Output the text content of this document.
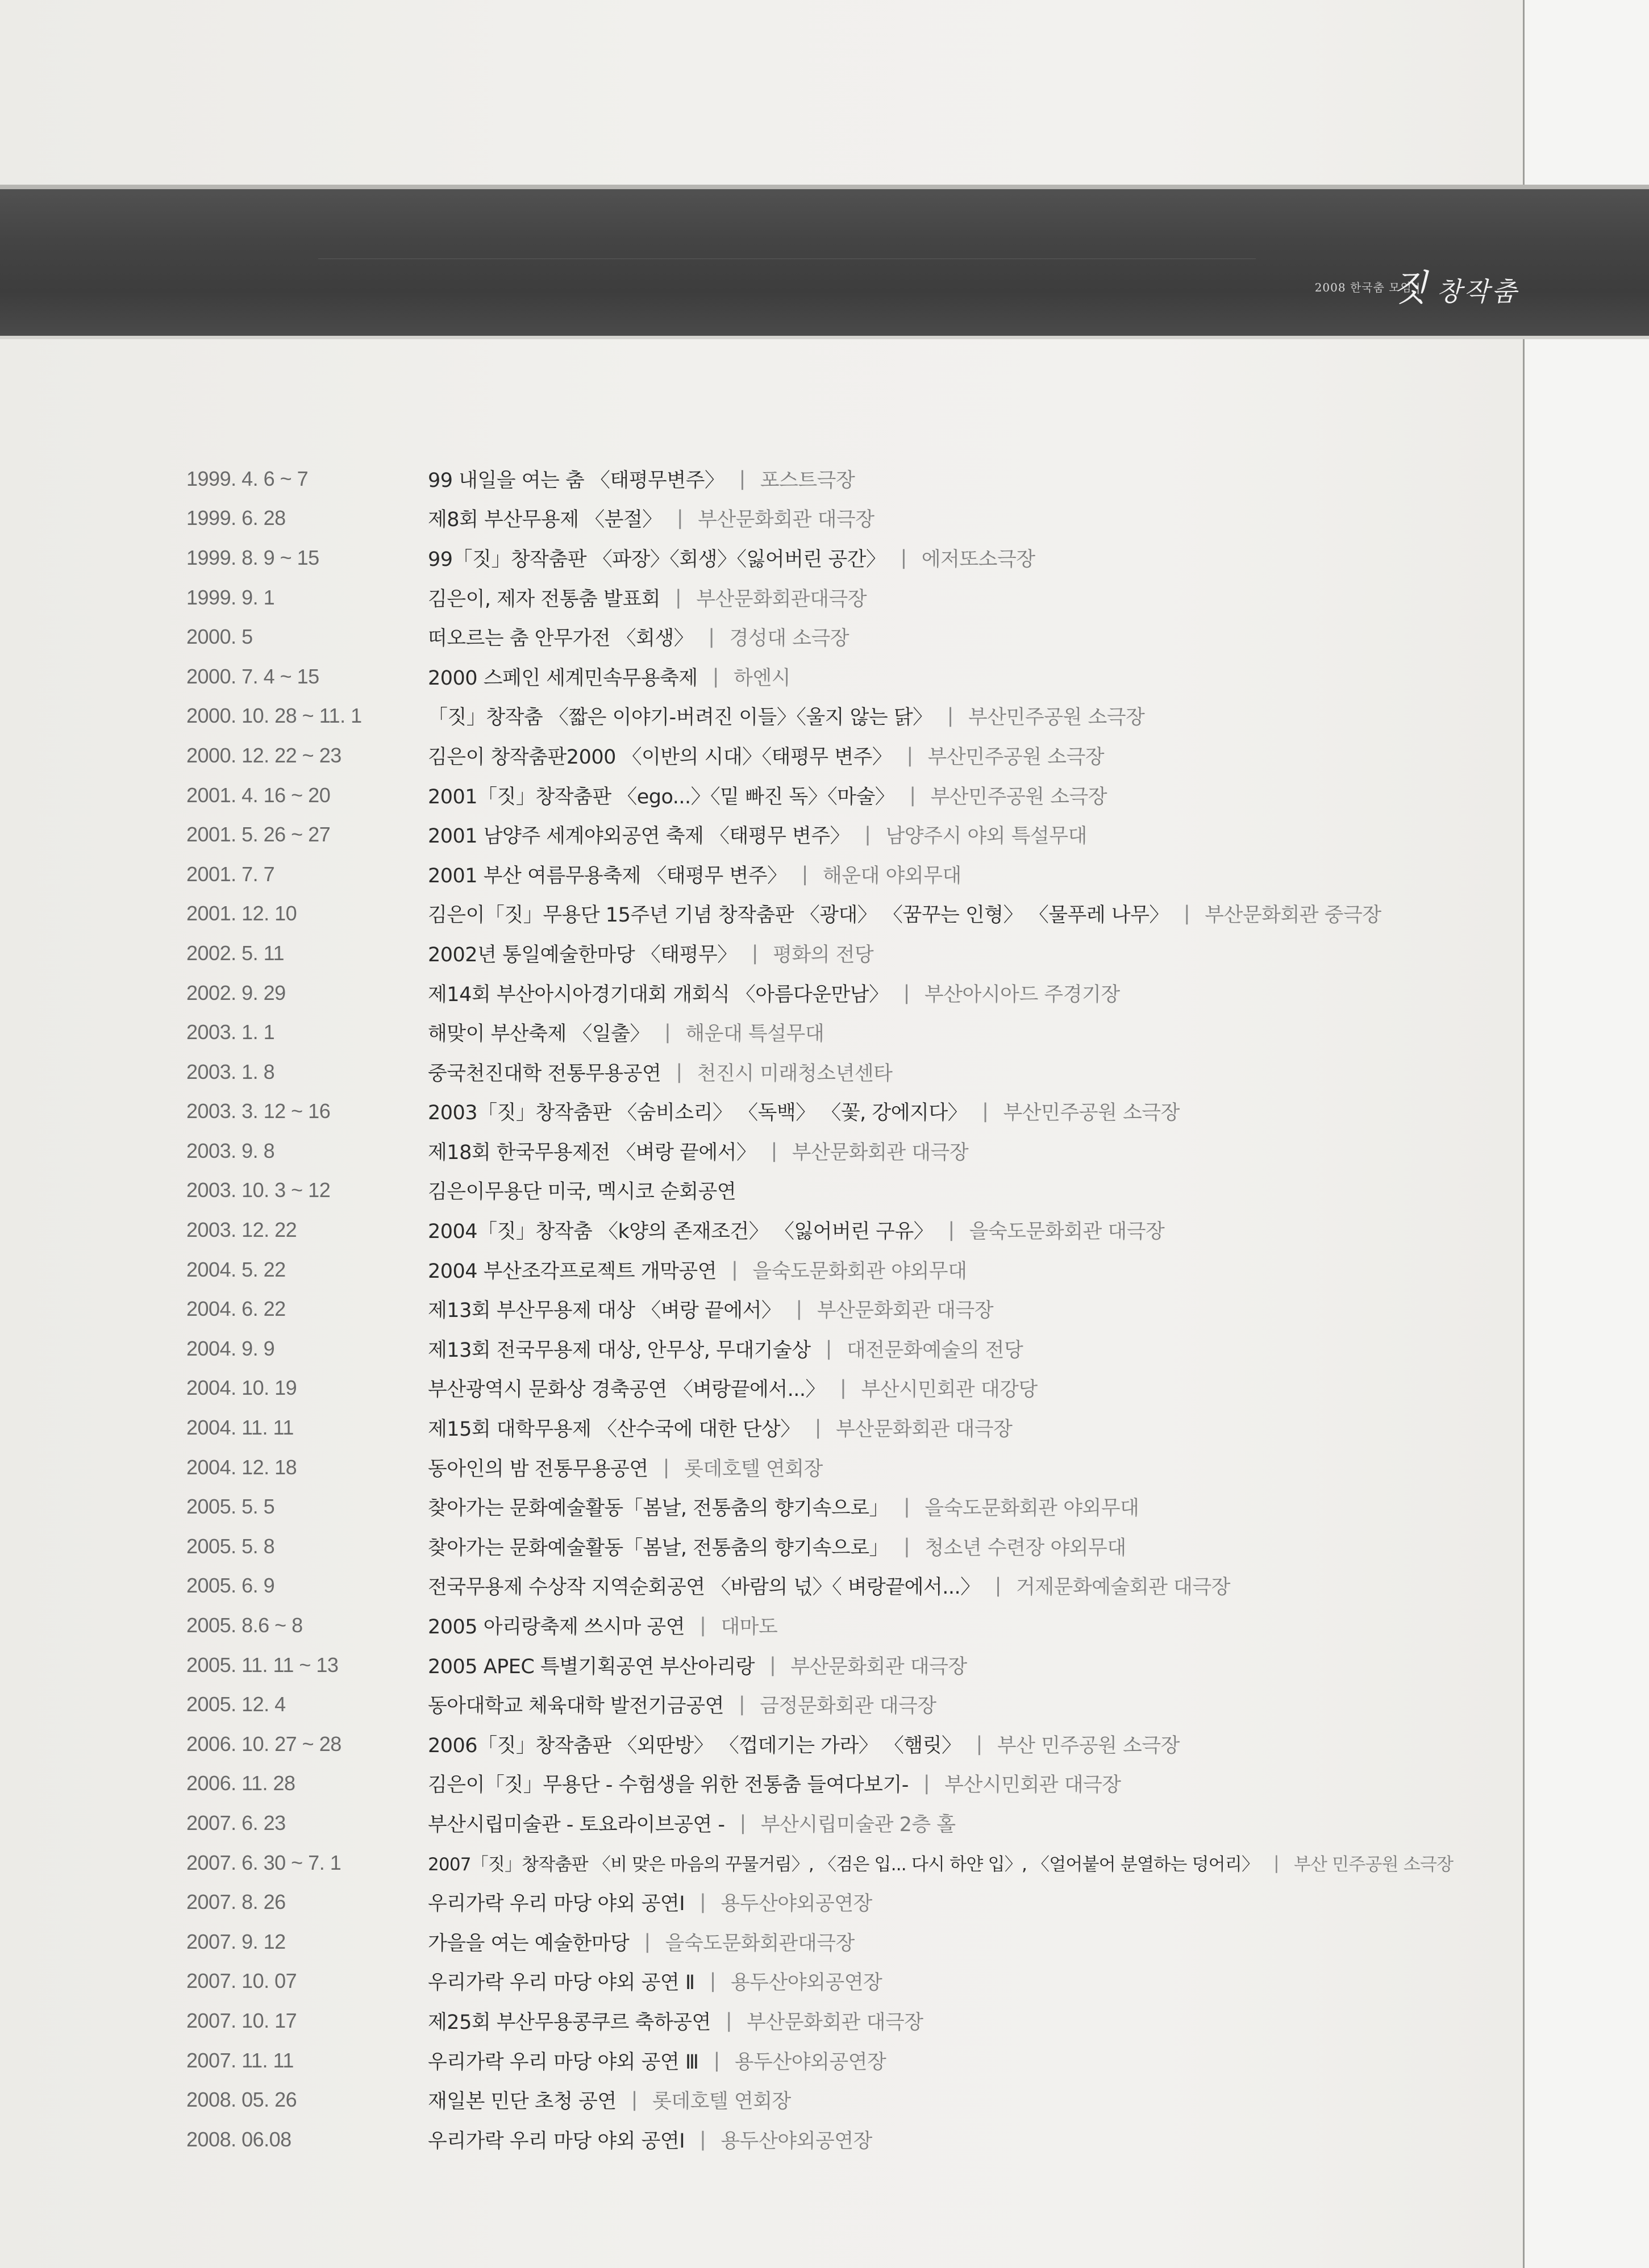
2008 한국춤 모임 |
짓 창작춤
1999. 4. 6 ~ 7	99 내일을 여는 춤 〈태평무변주〉 | 포스트극장
1999. 6. 28	제8회 부산무용제 〈분절〉 | 부산문화회관 대극장
1999. 8. 9 ~ 15	99「짓」창작춤판 〈파장〉〈회생〉〈잃어버린 공간〉 | 에저또소극장
1999. 9. 1	김은이, 제자 전통춤 발표회 | 부산문화회관대극장
2000. 5	떠오르는 춤 안무가전 〈회생〉 | 경성대 소극장
2000. 7. 4 ~ 15	2000 스페인 세계민속무용축제 | 하엔시
2000. 10. 28 ~ 11. 1	「짓」창작춤 〈짧은 이야기-버려진 이들〉〈울지 않는 닭〉 | 부산민주공원 소극장
2000. 12. 22 ~ 23	김은이 창작춤판2000 〈이반의 시대〉〈태평무 변주〉 | 부산민주공원 소극장
2001. 4. 16 ~ 20	2001「짓」창작춤판 〈ego...〉〈밑 빠진 독〉〈마술〉 | 부산민주공원 소극장
2001. 5. 26 ~ 27	2001 남양주 세계야외공연 축제 〈태평무 변주〉 | 남양주시 야외 특설무대
2001. 7. 7	2001 부산 여름무용축제 〈태평무 변주〉 | 해운대 야외무대
2001. 12. 10	김은이「짓」무용단 15주년 기념 창작춤판 〈광대〉 〈꿈꾸는 인형〉 〈물푸레 나무〉 | 부산문화회관 중극장
2002. 5. 11	2002년 통일예술한마당 〈태평무〉 | 평화의 전당
2002. 9. 29	제14회 부산아시아경기대회 개회식 〈아름다운만남〉 | 부산아시아드 주경기장
2003. 1. 1	해맞이 부산축제 〈일출〉 | 해운대 특설무대
2003. 1. 8	중국천진대학 전통무용공연 | 천진시 미래청소년센타
2003. 3. 12 ~ 16	2003「짓」창작춤판 〈숨비소리〉 〈독백〉 〈꽃, 강에지다〉 | 부산민주공원 소극장
2003. 9. 8	제18회 한국무용제전 〈벼랑 끝에서〉 | 부산문화회관 대극장
2003. 10. 3 ~ 12	김은이무용단 미국, 멕시코 순회공연
2003. 12. 22	2004「짓」창작춤 〈k양의 존재조건〉 〈잃어버린 구유〉 | 을숙도문화회관 대극장
2004. 5. 22	2004 부산조각프로젝트 개막공연 | 을숙도문화회관 야외무대
2004. 6. 22	제13회 부산무용제 대상 〈벼랑 끝에서〉 | 부산문화회관 대극장
2004. 9. 9	제13회 전국무용제 대상, 안무상, 무대기술상 | 대전문화예술의 전당
2004. 10. 19	부산광역시 문화상 경축공연 〈벼랑끝에서...〉 | 부산시민회관 대강당
2004. 11. 11	제15회 대학무용제 〈산수국에 대한 단상〉 | 부산문화회관 대극장
2004. 12. 18	동아인의 밤 전통무용공연 | 롯데호텔 연회장
2005. 5. 5	찾아가는 문화예술활동「봄날, 전통춤의 향기속으로」 | 을숙도문화회관 야외무대
2005. 5. 8	찾아가는 문화예술활동「봄날, 전통춤의 향기속으로」 | 청소년 수련장 야외무대
2005. 6. 9	전국무용제 수상작 지역순회공연 〈바람의 넋〉〈 벼랑끝에서...〉 | 거제문화예술회관 대극장
2005. 8.6 ~ 8	2005 아리랑축제 쓰시마 공연 | 대마도
2005. 11. 11 ~ 13	2005 APEC 특별기획공연 부산아리랑 | 부산문화회관 대극장
2005. 12. 4	동아대학교 체육대학 발전기금공연 | 금정문화회관 대극장
2006. 10. 27 ~ 28	2006「짓」창작춤판 〈외딴방〉 〈껍데기는 가라〉 〈햄릿〉 | 부산 민주공원 소극장
2006. 11. 28	김은이「짓」무용단 - 수험생을 위한 전통춤 들여다보기- | 부산시민회관 대극장
2007. 6. 23	부산시립미술관 - 토요라이브공연 - | 부산시립미술관 2층 홀
2007. 6. 30 ~ 7. 1	2007「짓」창작춤판 〈비 맞은 마음의 꾸물거림〉, 〈검은 입... 다시 하얀 입〉, 〈얼어붙어 분열하는 덩어리〉 | 부산 민주공원 소극장
2007. 8. 26	우리가락 우리 마당 야외 공연Ⅰ | 용두산야외공연장
2007. 9. 12	가을을 여는 예술한마당 | 을숙도문화회관대극장
2007. 10. 07	우리가락 우리 마당 야외 공연 Ⅱ | 용두산야외공연장
2007. 10. 17	제25회 부산무용콩쿠르 축하공연 | 부산문화회관 대극장
2007. 11. 11	우리가락 우리 마당 야외 공연 Ⅲ | 용두산야외공연장
2008. 05. 26	재일본 민단 초청 공연 | 롯데호텔 연회장
2008. 06.08	우리가락 우리 마당 야외 공연Ⅰ | 용두산야외공연장
